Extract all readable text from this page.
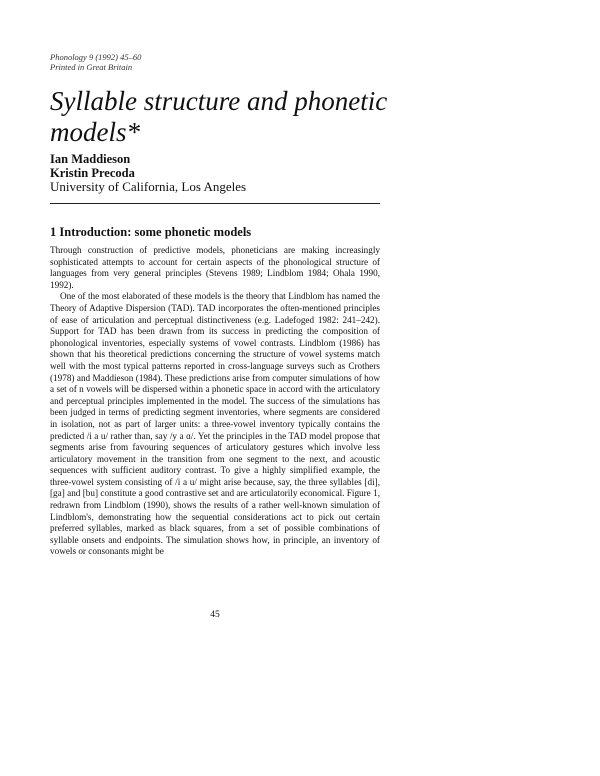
Phonology 9 (1992) 45–60
Printed in Great Britain
Syllable structure and phonetic models*
Ian Maddieson
Kristin Precoda
University of California, Los Angeles
1 Introduction: some phonetic models

Through construction of predictive models, phoneticians are making increasingly sophisticated attempts to account for certain aspects of the phonological structure of languages from very general principles (Stevens 1989; Lindblom 1984; Ohala 1990, 1992).

One of the most elaborated of these models is the theory that Lindblom has named the Theory of Adaptive Dispersion (TAD). TAD incorporates the often-mentioned principles of ease of articulation and perceptual distinctiveness (e.g. Ladefoged 1982: 241–242). Support for TAD has been drawn from its success in predicting the composition of phonological inventories, especially systems of vowel contrasts. Lindblom (1986) has shown that his theoretical predictions concerning the structure of vowel systems match well with the most typical patterns reported in cross-language surveys such as Crothers (1978) and Maddieson (1984). These predictions arise from computer simulations of how a set of n vowels will be dispersed within a phonetic space in accord with the articulatory and perceptual principles implemented in the model. The success of the simulations has been judged in terms of predicting segment inventories, where segments are considered in isolation, not as part of larger units: a three-vowel inventory typically contains the predicted /i a u/ rather than, say /y a ɑ/. Yet the principles in the TAD model propose that segments arise from favouring sequences of articulatory gestures which involve less articulatory movement in the transition from one segment to the next, and acoustic sequences with sufficient auditory contrast. To give a highly simplified example, the three-vowel system consisting of /i a u/ might arise because, say, the three syllables [di], [ga] and [bu] constitute a good contrastive set and are articulatorily economical. Figure 1, redrawn from Lindblom (1990), shows the results of a rather well-known simulation of Lindblom's, demonstrating how the sequential considerations act to pick out certain preferred syllables, marked as black squares, from a set of possible combinations of syllable onsets and endpoints. The simulation shows how, in principle, an inventory of vowels or consonants might be

45
